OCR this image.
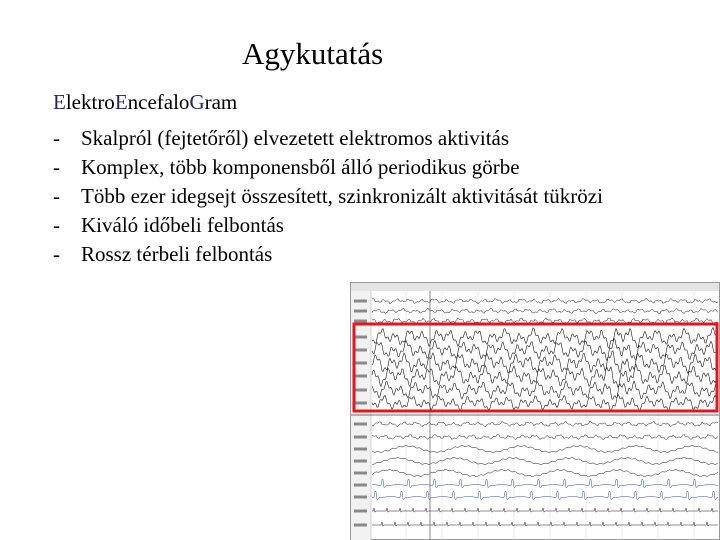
Agykutatás
ElektroEncefaloGram
- Skalpról (fejtetőről) elvezetett elektromos aktivitás
- Komplex, több komponensből álló periodikus görbe
- Több ezer idegsejt összesített, szinkronizált aktivitását tükrözi
- Kiváló időbeli felbontás
- Rossz térbeli felbontás
